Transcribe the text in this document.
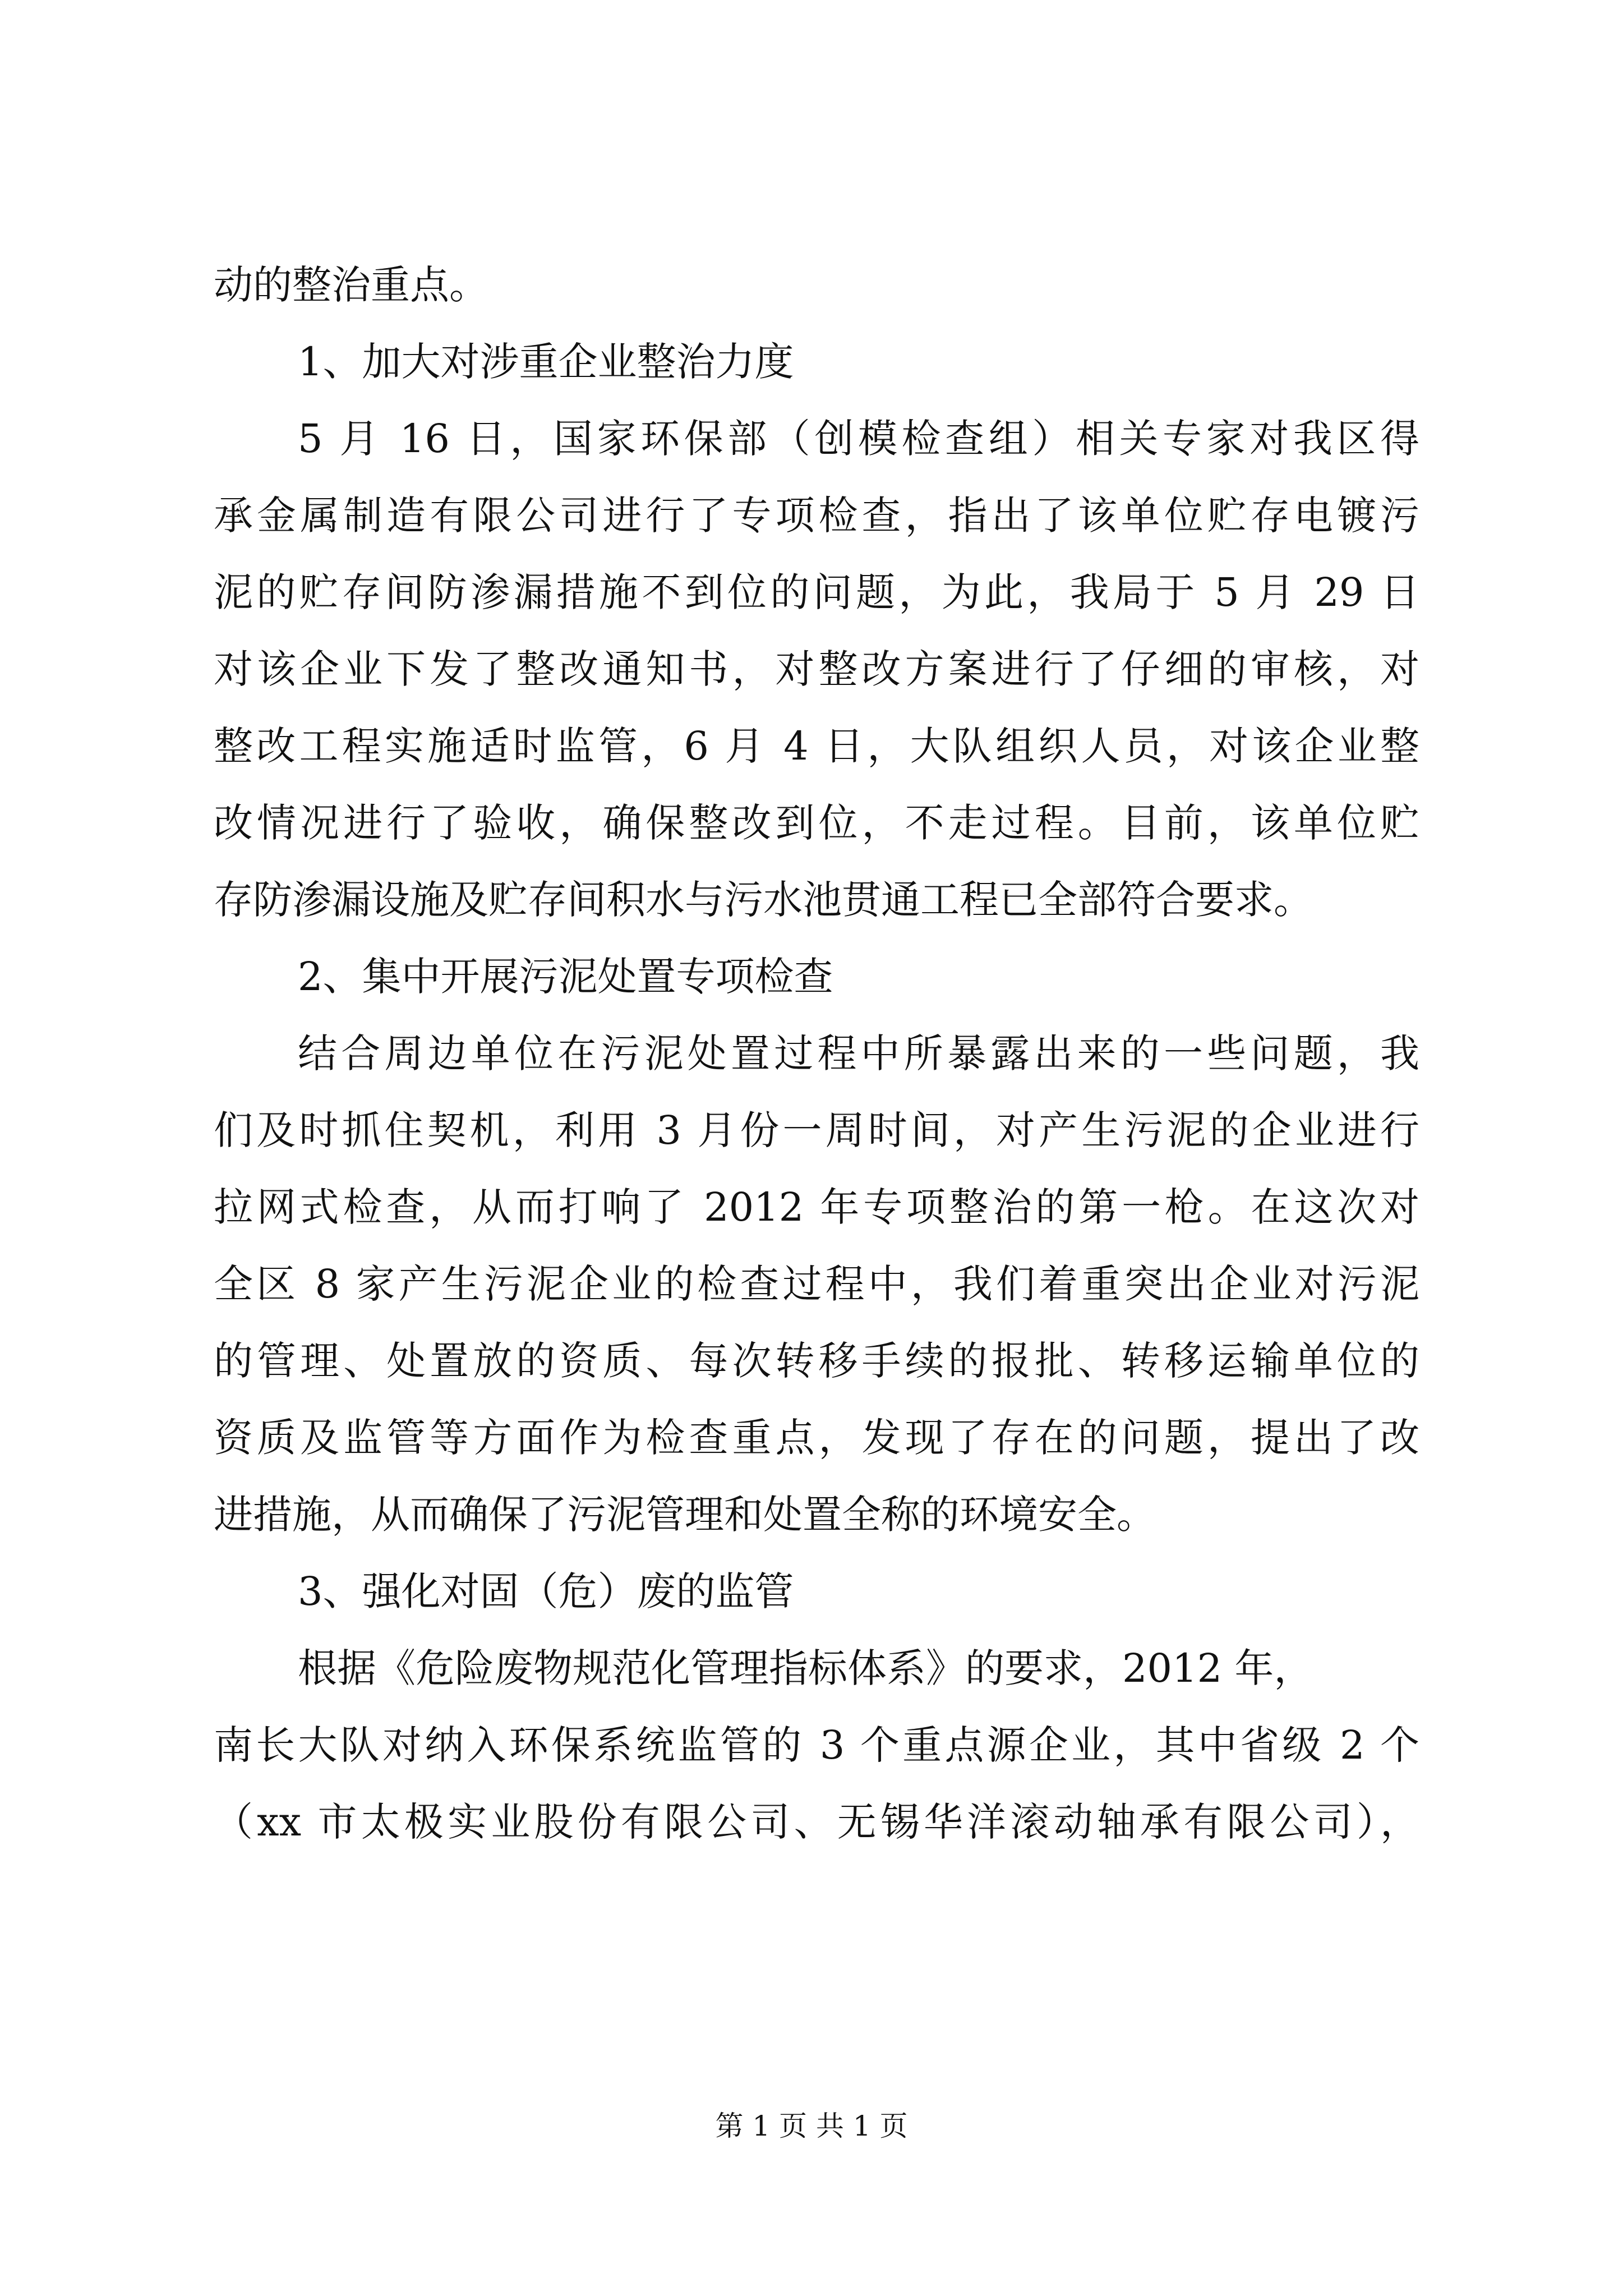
动的整治重点。
1、加大对涉重企业整治力度
5 月 16 日，国家环保部（创模检查组）相关专家对我区得
承金属制造有限公司进行了专项检查，指出了该单位贮存电镀污
泥的贮存间防渗漏措施不到位的问题，为此，我局于 5 月 29 日
对该企业下发了整改通知书，对整改方案进行了仔细的审核，对
整改工程实施适时监管，6 月 4 日，大队组织人员，对该企业整
改情况进行了验收，确保整改到位，不走过程。目前，该单位贮
存防渗漏设施及贮存间积水与污水池贯通工程已全部符合要求。
2、集中开展污泥处置专项检查
结合周边单位在污泥处置过程中所暴露出来的一些问题，我
们及时抓住契机，利用 3 月份一周时间，对产生污泥的企业进行
拉网式检查，从而打响了 2012 年专项整治的第一枪。在这次对
全区 8 家产生污泥企业的检查过程中，我们着重突出企业对污泥
的管理、处置放的资质、每次转移手续的报批、转移运输单位的
资质及监管等方面作为检查重点，发现了存在的问题，提出了改
进措施，从而确保了污泥管理和处置全称的环境安全。
3、强化对固（危）废的监管
根据《危险废物规范化管理指标体系》的要求，2012 年，
南长大队对纳入环保系统监管的 3 个重点源企业，其中省级 2 个
（xx 市太极实业股份有限公司、无锡华洋滚动轴承有限公司），
第 1 页 共 1 页
